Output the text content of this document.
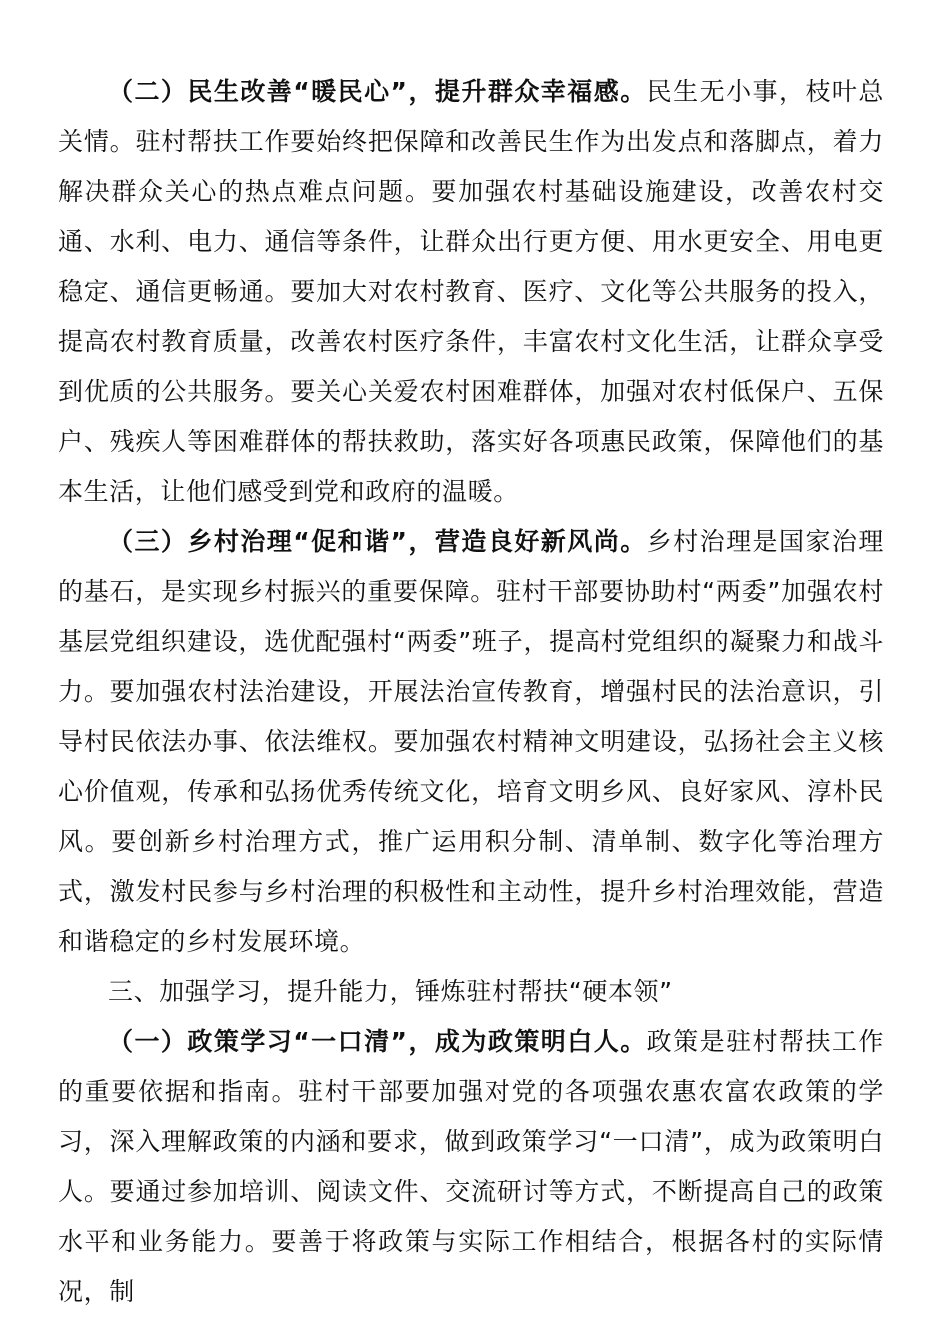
（二）民生改善“暖民心”，提升群众幸福感。民生无小事，枝叶总关情。驻村帮扶工作要始终把保障和改善民生作为出发点和落脚点，着力解决群众关心的热点难点问题。要加强农村基础设施建设，改善农村交通、水利、电力、通信等条件，让群众出行更方便、用水更安全、用电更稳定、通信更畅通。要加大对农村教育、医疗、文化等公共服务的投入，提高农村教育质量，改善农村医疗条件，丰富农村文化生活，让群众享受到优质的公共服务。要关心关爱农村困难群体，加强对农村低保户、五保户、残疾人等困难群体的帮扶救助，落实好各项惠民政策，保障他们的基本生活，让他们感受到党和政府的温暖。

（三）乡村治理“促和谐”，营造良好新风尚。乡村治理是国家治理的基石，是实现乡村振兴的重要保障。驻村干部要协助村“两委”加强农村基层党组织建设，选优配强村“两委”班子，提高村党组织的凝聚力和战斗力。要加强农村法治建设，开展法治宣传教育，增强村民的法治意识，引导村民依法办事、依法维权。要加强农村精神文明建设，弘扬社会主义核心价值观，传承和弘扬优秀传统文化，培育文明乡风、良好家风、淳朴民风。要创新乡村治理方式，推广运用积分制、清单制、数字化等治理方式，激发村民参与乡村治理的积极性和主动性，提升乡村治理效能，营造和谐稳定的乡村发展环境。

三、加强学习，提升能力，锤炼驻村帮扶“硬本领”

（一）政策学习“一口清”，成为政策明白人。政策是驻村帮扶工作的重要依据和指南。驻村干部要加强对党的各项强农惠农富农政策的学习，深入理解政策的内涵和要求，做到政策学习“一口清”，成为政策明白人。要通过参加培训、阅读文件、交流研讨等方式，不断提高自己的政策水平和业务能力。要善于将政策与实际工作相结合，根据各村的实际情况，制
